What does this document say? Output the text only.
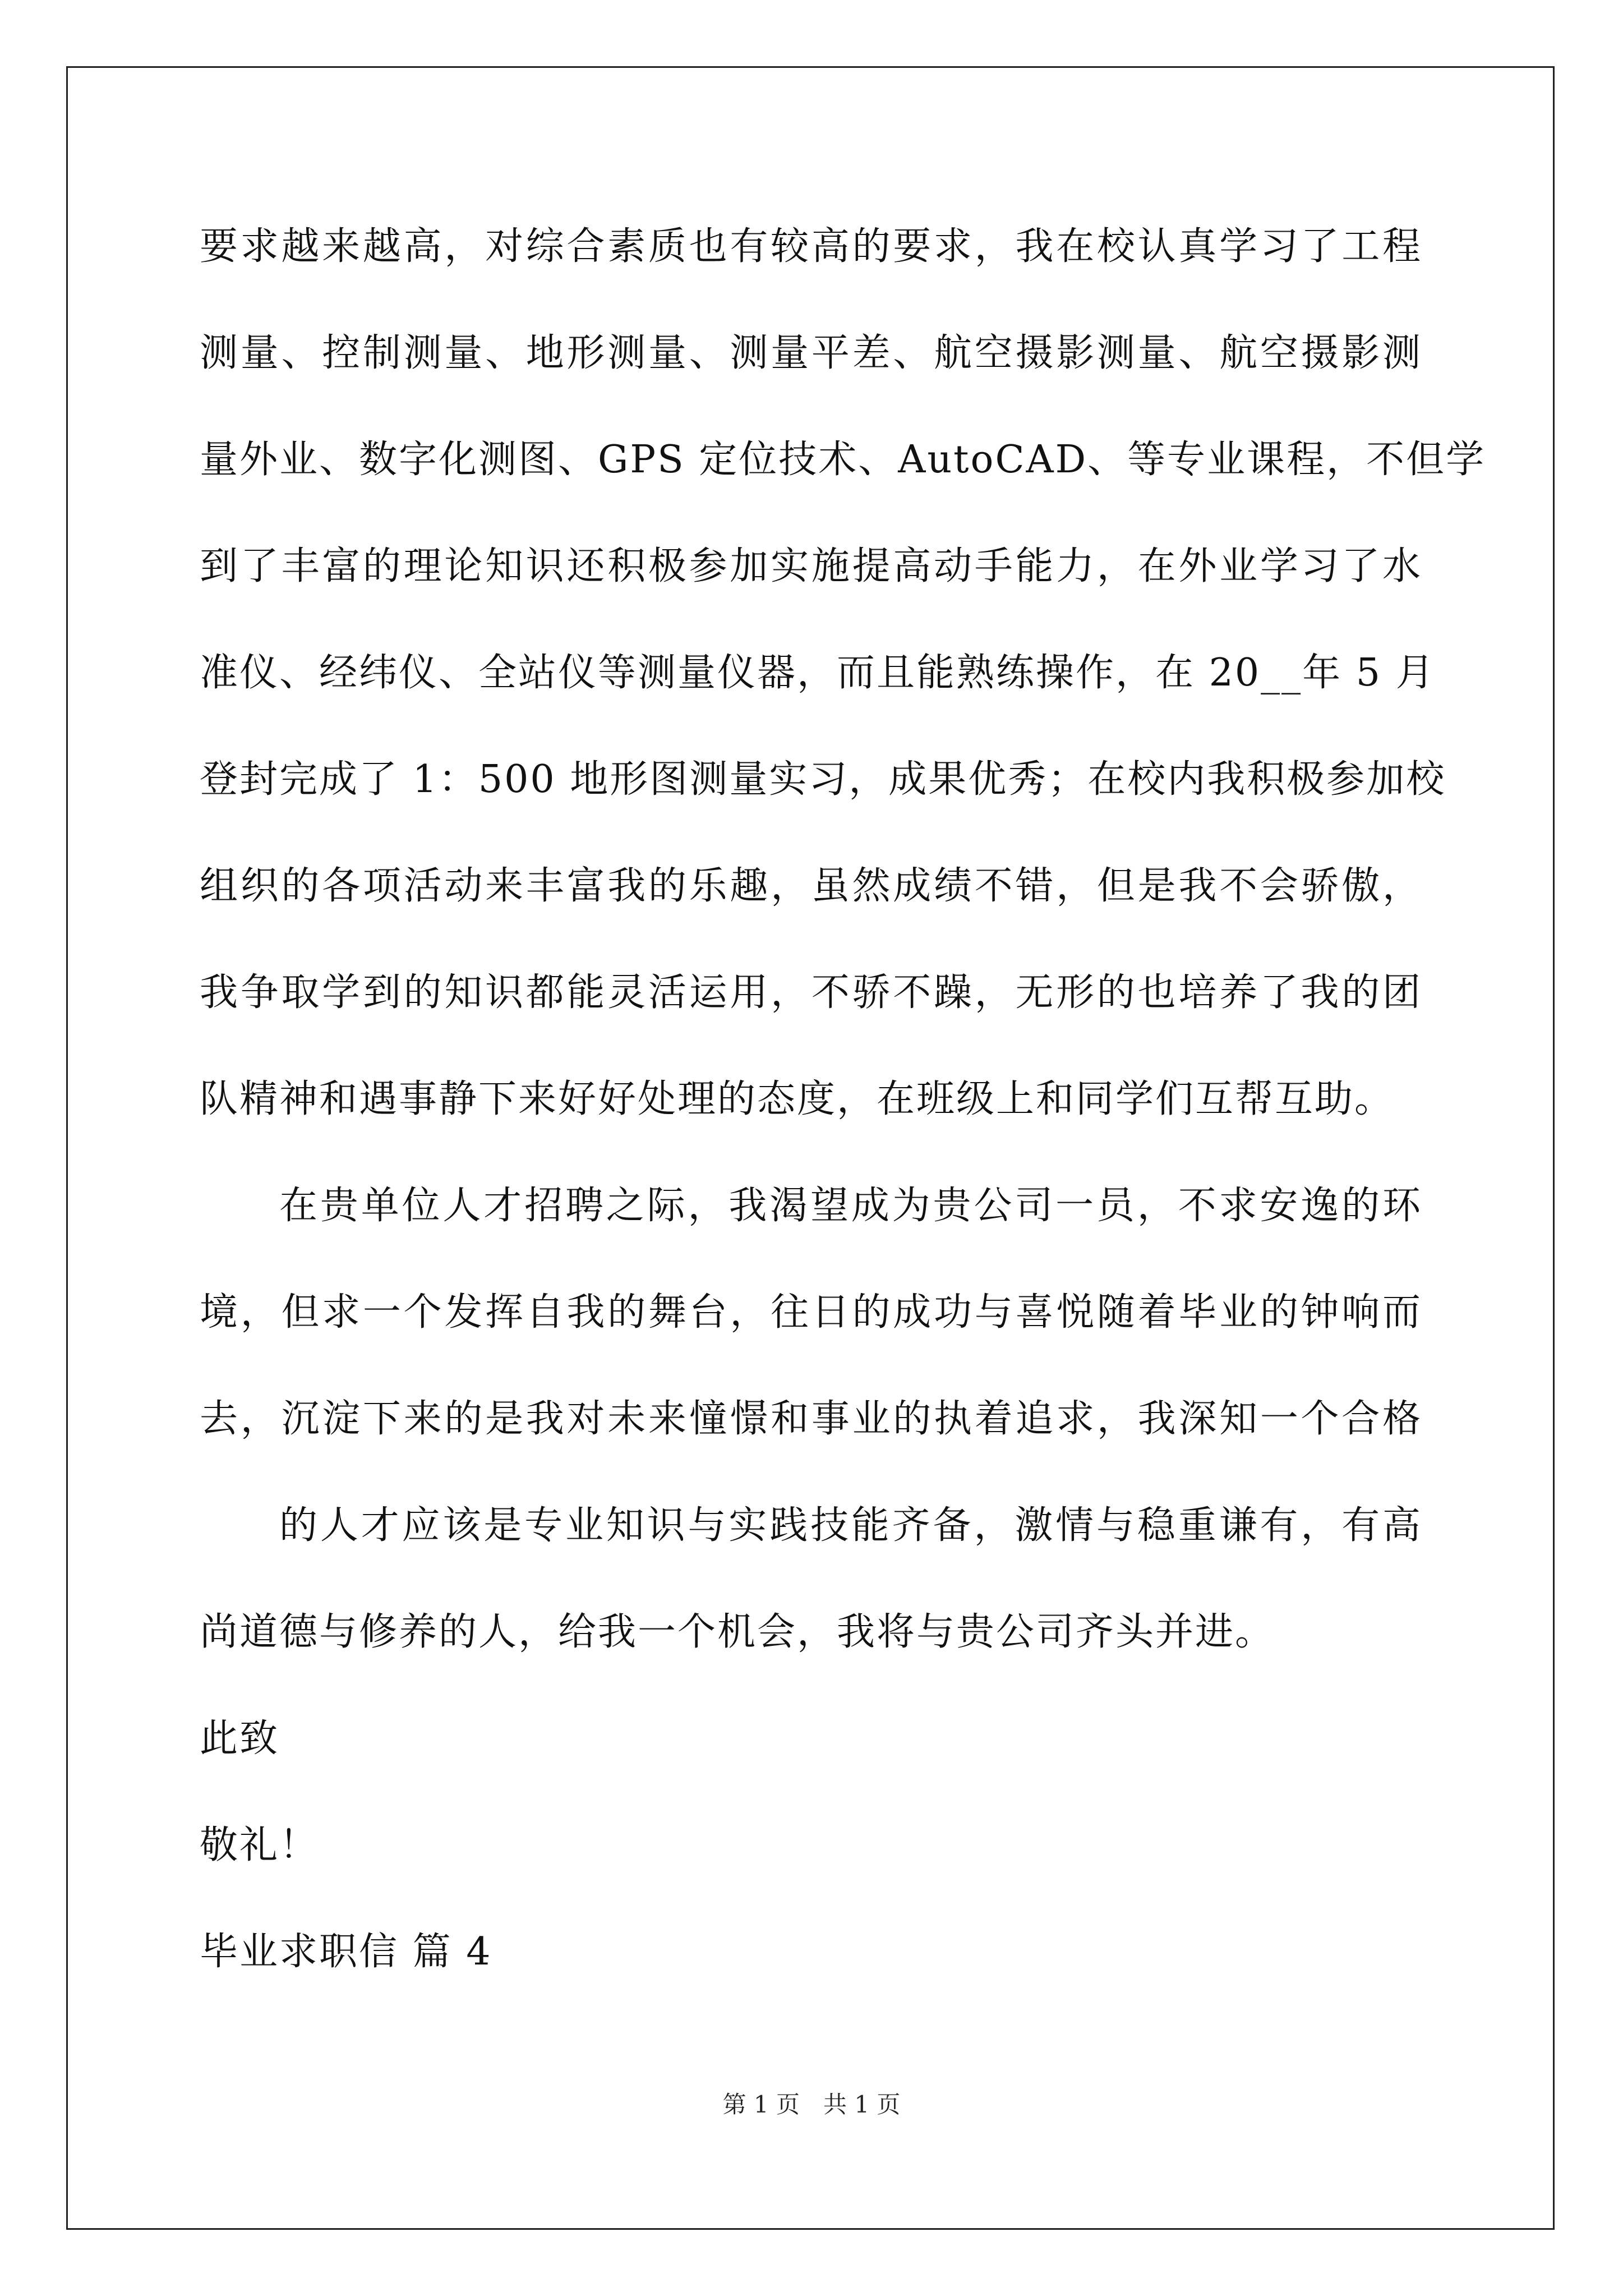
要求越来越高，对综合素质也有较高的要求，我在校认真学习了工程
测量、控制测量、地形测量、测量平差、航空摄影测量、航空摄影测
量外业、数字化测图、GPS 定位技术、AutoCAD、等专业课程，不但学
到了丰富的理论知识还积极参加实施提高动手能力，在外业学习了水
准仪、经纬仪、全站仪等测量仪器，而且能熟练操作，在 20__年 5 月
登封完成了 1：500 地形图测量实习，成果优秀；在校内我积极参加校
组织的各项活动来丰富我的乐趣，虽然成绩不错，但是我不会骄傲，
我争取学到的知识都能灵活运用，不骄不躁，无形的也培养了我的团
队精神和遇事静下来好好处理的态度，在班级上和同学们互帮互助。
在贵单位人才招聘之际，我渴望成为贵公司一员，不求安逸的环
境，但求一个发挥自我的舞台，往日的成功与喜悦随着毕业的钟响而
去，沉淀下来的是我对未来憧憬和事业的执着追求，我深知一个合格
的人才应该是专业知识与实践技能齐备，激情与稳重谦有，有高
尚道德与修养的人，给我一个机会，我将与贵公司齐头并进。
此致
敬礼！
毕业求职信 篇 4
第 1 页　共 1 页
